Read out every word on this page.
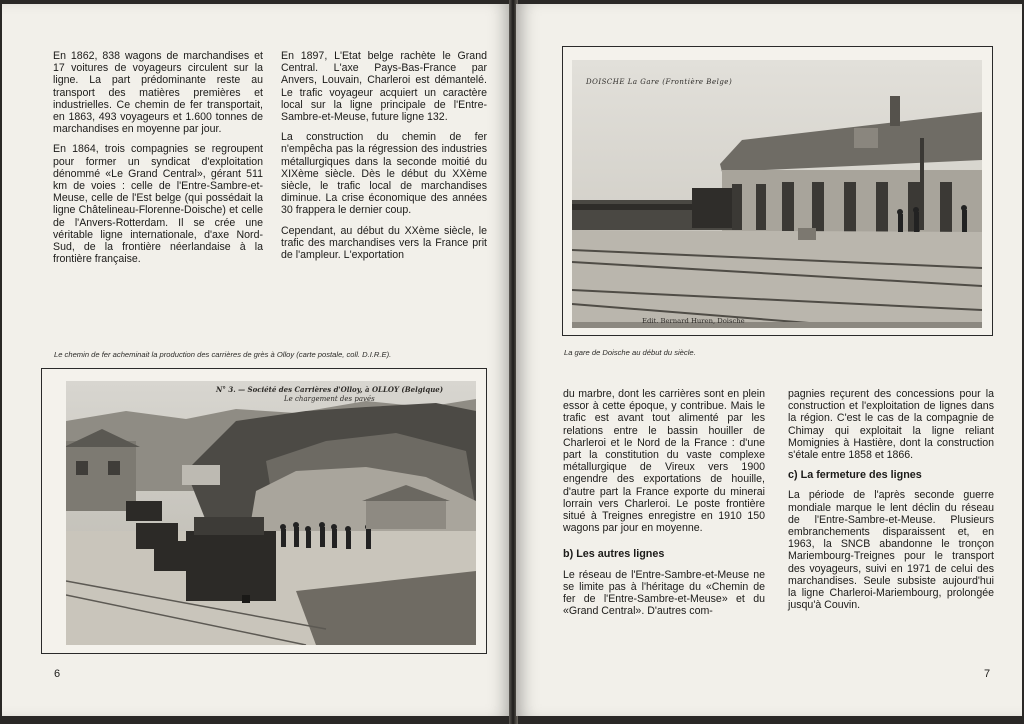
En 1862, 838 wagons de marchandises et 17 voitures de voyageurs circulent sur la ligne. La part prédominante reste au transport des matières premières et industrielles. Ce chemin de fer transportait, en 1863, 493 voyageurs et 1.600 tonnes de marchandises en moyenne par jour.

En 1864, trois compagnies se regroupent pour former un syndicat d'exploitation dénommé «Le Grand Central», gérant 511 km de voies : celle de l'Entre-Sambre-et-Meuse, celle de l'Est belge (qui possédait la ligne Châtelineau-Florenne-Doische) et celle de l'Anvers-Rotterdam. Il se crée une véritable ligne internationale, d'axe Nord-Sud, de la frontière néerlandaise à la frontière française.

En 1897, L'Etat belge rachète le Grand Central. L'axe Pays-Bas-France par Anvers, Louvain, Charleroi est démantelé. Le trafic voyageur acquiert un caractère local sur la ligne principale de l'Entre-Sambre-et-Meuse, future ligne 132.

La construction du chemin de fer n'empêcha pas la régression des industries métallurgiques dans la seconde moitié du XIXème siècle. Dès le début du XXème siècle, le trafic local de marchandises diminue. La crise économique des années 30 frappera le dernier coup.

Cependant, au début du XXème siècle, le trafic des marchandises vers la France prit de l'ampleur. L'exportation

Le chemin de fer acheminait la production des carrières de grès à Olloy (carte postale, coll. D.I.R.E).
N° 3. — Société des Carrières d'Olloy, à OLLOY (Belgique)
Le chargement des pavés
6
DOISCHE La Gare (Frontière Belge)
Edit. Bernard Huren, Doische
La gare de Doische au début du siècle.

du marbre, dont les carrières sont en plein essor à cette époque, y contribue. Mais le trafic est avant tout alimenté par les relations entre le bassin houiller de Charleroi et le Nord de la France : d'une part la constitution du vaste complexe métallurgique de Vireux vers 1900 engendre des exportations de houille, d'autre part la France exporte du minerai lorrain vers Charleroi. Le poste frontière situé à Treignes enregistre en 1910 150 wagons par jour en moyenne.

b) Les autres lignes

Le réseau de l'Entre-Sambre-et-Meuse ne se limite pas à l'héritage du «Chemin de fer de l'Entre-Sambre-et-Meuse» et du «Grand Central». D'autres com-

pagnies reçurent des concessions pour la construction et l'exploitation de lignes dans la région. C'est le cas de la compagnie de Chimay qui exploitait la ligne reliant Momignies à Hastière, dont la construction s'étale entre 1858 et 1866.

c) La fermeture des lignes

La période de l'après seconde guerre mondiale marque le lent déclin du réseau de l'Entre-Sambre-et-Meuse. Plusieurs embranchements disparaissent et, en 1963, la SNCB abandonne le tronçon Mariembourg-Treignes pour le transport des voyageurs, suivi en 1971 de celui des marchandises. Seule subsiste aujourd'hui la ligne Charleroi-Mariembourg, prolongée jusqu'à Couvin.

7
